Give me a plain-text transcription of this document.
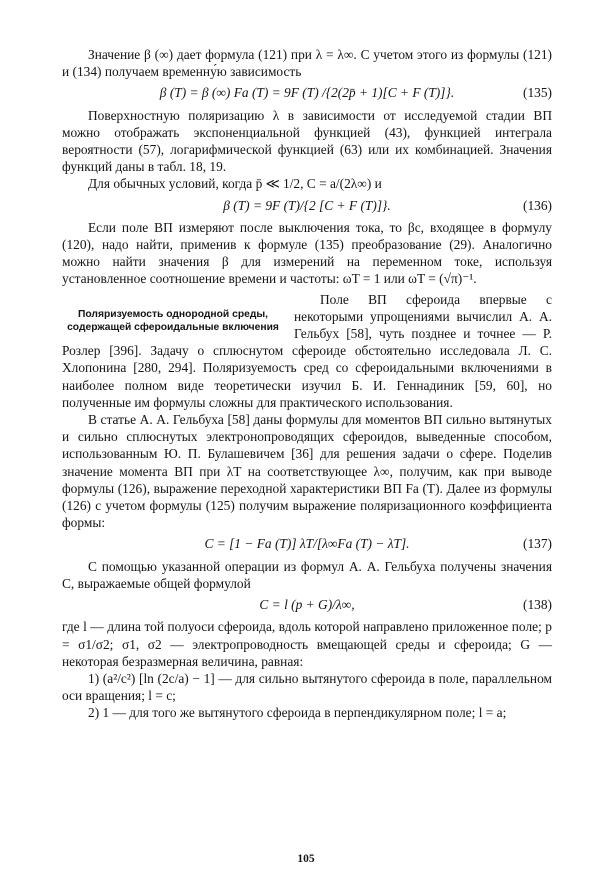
Значение β (∞) дает формула (121) при λ = λ∞. С учетом этого из формулы (121) и (134) получаем временну́ю зависимость

β (T) = β (∞) Fa (T) = 9F (T) /{2(2p̄ + 1)[C + F (T)]}.	(135)

Поверхностную поляризацию λ в зависимости от исследуемой стадии ВП можно отображать экспоненциальной функцией (43), функцией интеграла вероятности (57), логарифмической функцией (63) или их комбинацией. Значения функций даны в табл. 18, 19.

Для обычных условий, когда p̄ ≪ 1/2, C = a/(2λ∞) и

β (T) = 9F (T)/{2 [C + F (T)]}.	(136)

Если поле ВП измеряют после выключения тока, то βc, входящее в формулу (120), надо найти, применив к формуле (135) преобразование (29). Аналогично можно найти значения β для измерений на переменном токе, используя установленное соотношение времени и частоты: ωT = 1 или ωT = (√π)⁻¹.

Поляризуемость однородной среды, содержащей сфероидальные включения

Поле ВП сфероида впервые с некоторыми упрощениями вычислил А. А. Гельбух [58], чуть позднее и точнее — Р. Розлер [396]. Задачу о сплюснутом сфероиде обстоятельно исследовала Л. С. Хлопонина [280, 294]. Поляризуемость сред со сфероидальными включениями в наиболее полном виде теоретически изучил Б. И. Геннадиник [59, 60], но полученные им формулы сложны для практического использования.

В статье А. А. Гельбуха [58] даны формулы для моментов ВП сильно вытянутых и сильно сплюснутых электронопроводящих сфероидов, выведенные способом, использованным Ю. П. Булашевичем [36] для решения задачи о сфере. Поделив значение момента ВП при λT на соответствующее λ∞, получим, как при выводе формулы (126), выражение переходной характеристики ВП Fa (T). Далее из формулы (126) с учетом формулы (125) получим выражение поляризационного коэффициента формы:

C = [1 − Fa (T)] λT/[λ∞Fa (T) − λT].	(137)

С помощью указанной операции из формул А. А. Гельбуха получены значения C, выражаемые общей формулой

C = l (p + G)/λ∞,	(138)

где l — длина той полуоси сфероида, вдоль которой направлено приложенное поле; p = σ1/σ2; σ1, σ2 — электропроводность вмещающей среды и сфероида; G — некоторая безразмерная величина, равная:

1) (a²/c²) [ln (2c/a) − 1] — для сильно вытянутого сфероида в поле, параллельном оси вращения; l = c;

2) 1 — для того же вытянутого сфероида в перпендикулярном поле; l = a;

105
